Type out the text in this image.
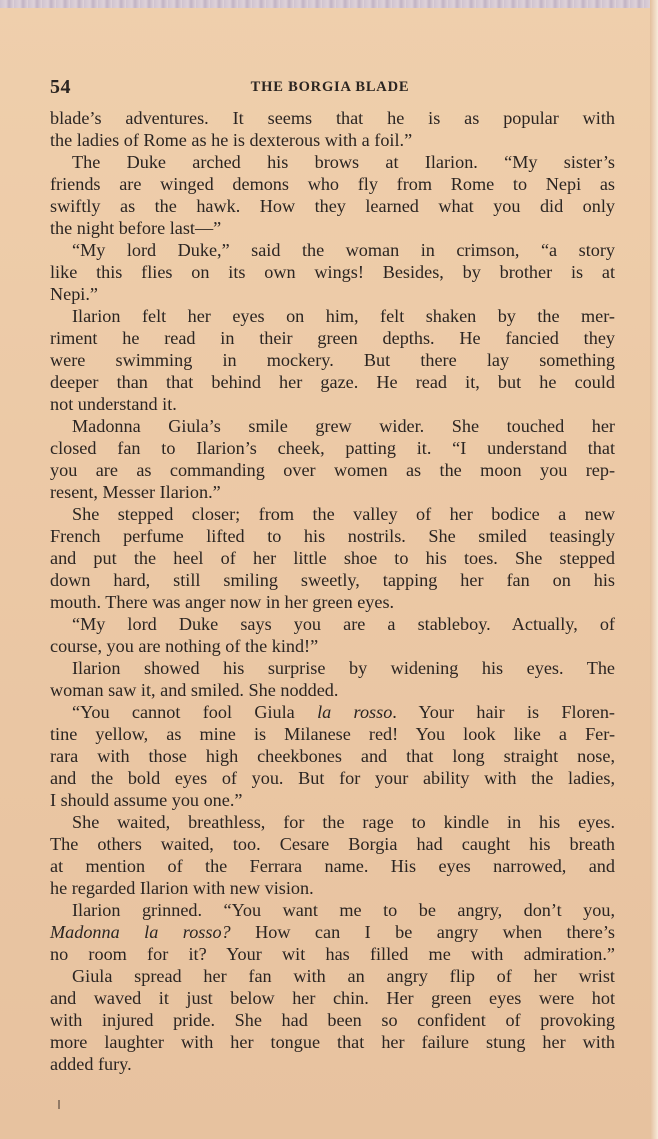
54	THE BORGIA BLADE
blade’s adventures. It seems that he is as popular with
the ladies of Rome as he is dexterous with a foil.”
The Duke arched his brows at Ilarion. “My sister’s
friends are winged demons who fly from Rome to Nepi as
swiftly as the hawk. How they learned what you did only
the night before last—”
“My lord Duke,” said the woman in crimson, “a story
like this flies on its own wings! Besides, by brother is at
Nepi.”
Ilarion felt her eyes on him, felt shaken by the mer-
riment he read in their green depths. He fancied they
were swimming in mockery. But there lay something
deeper than that behind her gaze. He read it, but he could
not understand it.
Madonna Giula’s smile grew wider. She touched her
closed fan to Ilarion’s cheek, patting it. “I understand that
you are as commanding over women as the moon you rep-
resent, Messer Ilarion.”
She stepped closer; from the valley of her bodice a new
French perfume lifted to his nostrils. She smiled teasingly
and put the heel of her little shoe to his toes. She stepped
down hard, still smiling sweetly, tapping her fan on his
mouth. There was anger now in her green eyes.
“My lord Duke says you are a stableboy. Actually, of
course, you are nothing of the kind!”
Ilarion showed his surprise by widening his eyes. The
woman saw it, and smiled. She nodded.
“You cannot fool Giula la rosso. Your hair is Floren-
tine yellow, as mine is Milanese red! You look like a Fer-
rara with those high cheekbones and that long straight nose,
and the bold eyes of you. But for your ability with the ladies,
I should assume you one.”
She waited, breathless, for the rage to kindle in his eyes.
The others waited, too. Cesare Borgia had caught his breath
at mention of the Ferrara name. His eyes narrowed, and
he regarded Ilarion with new vision.
Ilarion grinned. “You want me to be angry, don’t you,
Madonna la rosso? How can I be angry when there’s
no room for it? Your wit has filled me with admiration.”
Giula spread her fan with an angry flip of her wrist
and waved it just below her chin. Her green eyes were hot
with injured pride. She had been so confident of provoking
more laughter with her tongue that her failure stung her with
added fury.
